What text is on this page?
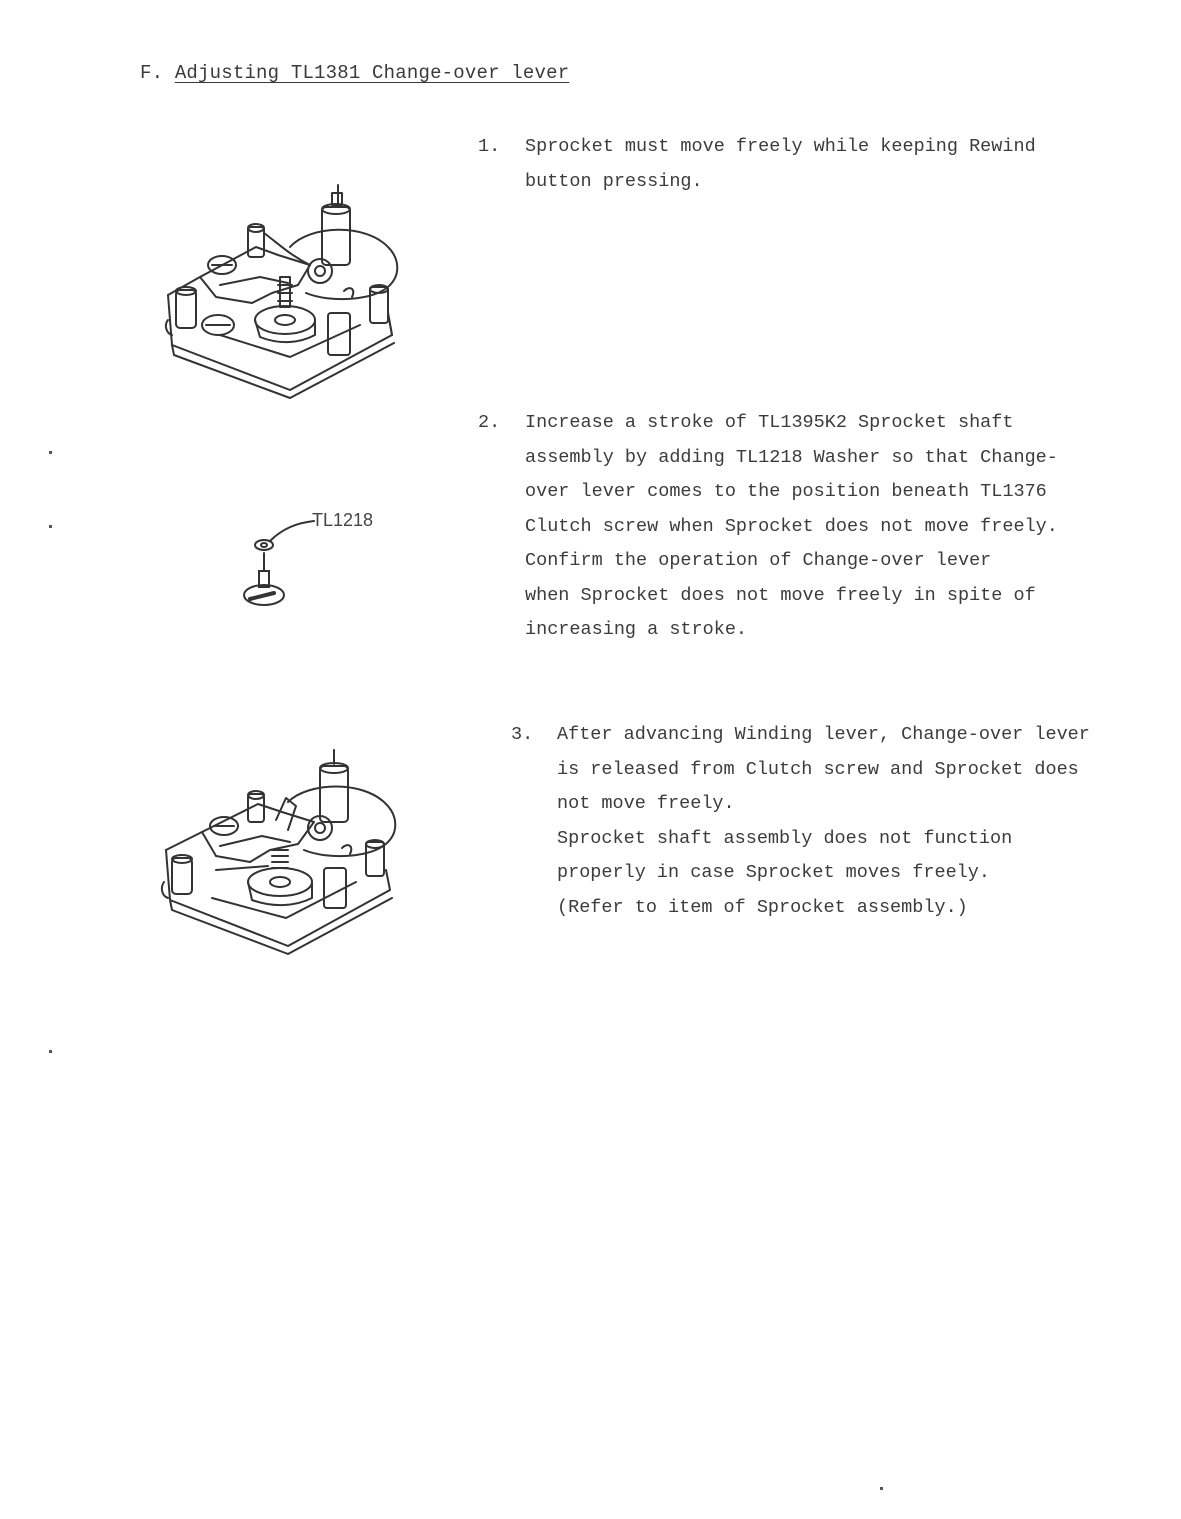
F. Adjusting TL1381 Change-over lever
1. Sprocket must move freely while keeping Rewind
button pressing.
2. Increase a stroke of TL1395K2 Sprocket shaft
assembly by adding TL1218 Washer so that Change-
over lever comes to the position beneath TL1376
Clutch screw when Sprocket does not move freely.
Confirm the operation of Change-over lever
when Sprocket does not move freely in spite of
increasing a stroke.
3. After advancing Winding lever, Change-over lever
is released from Clutch screw and Sprocket does
not move freely.
Sprocket shaft assembly does not function
properly in case Sprocket moves freely.
(Refer to item of Sprocket assembly.)
TL1218
